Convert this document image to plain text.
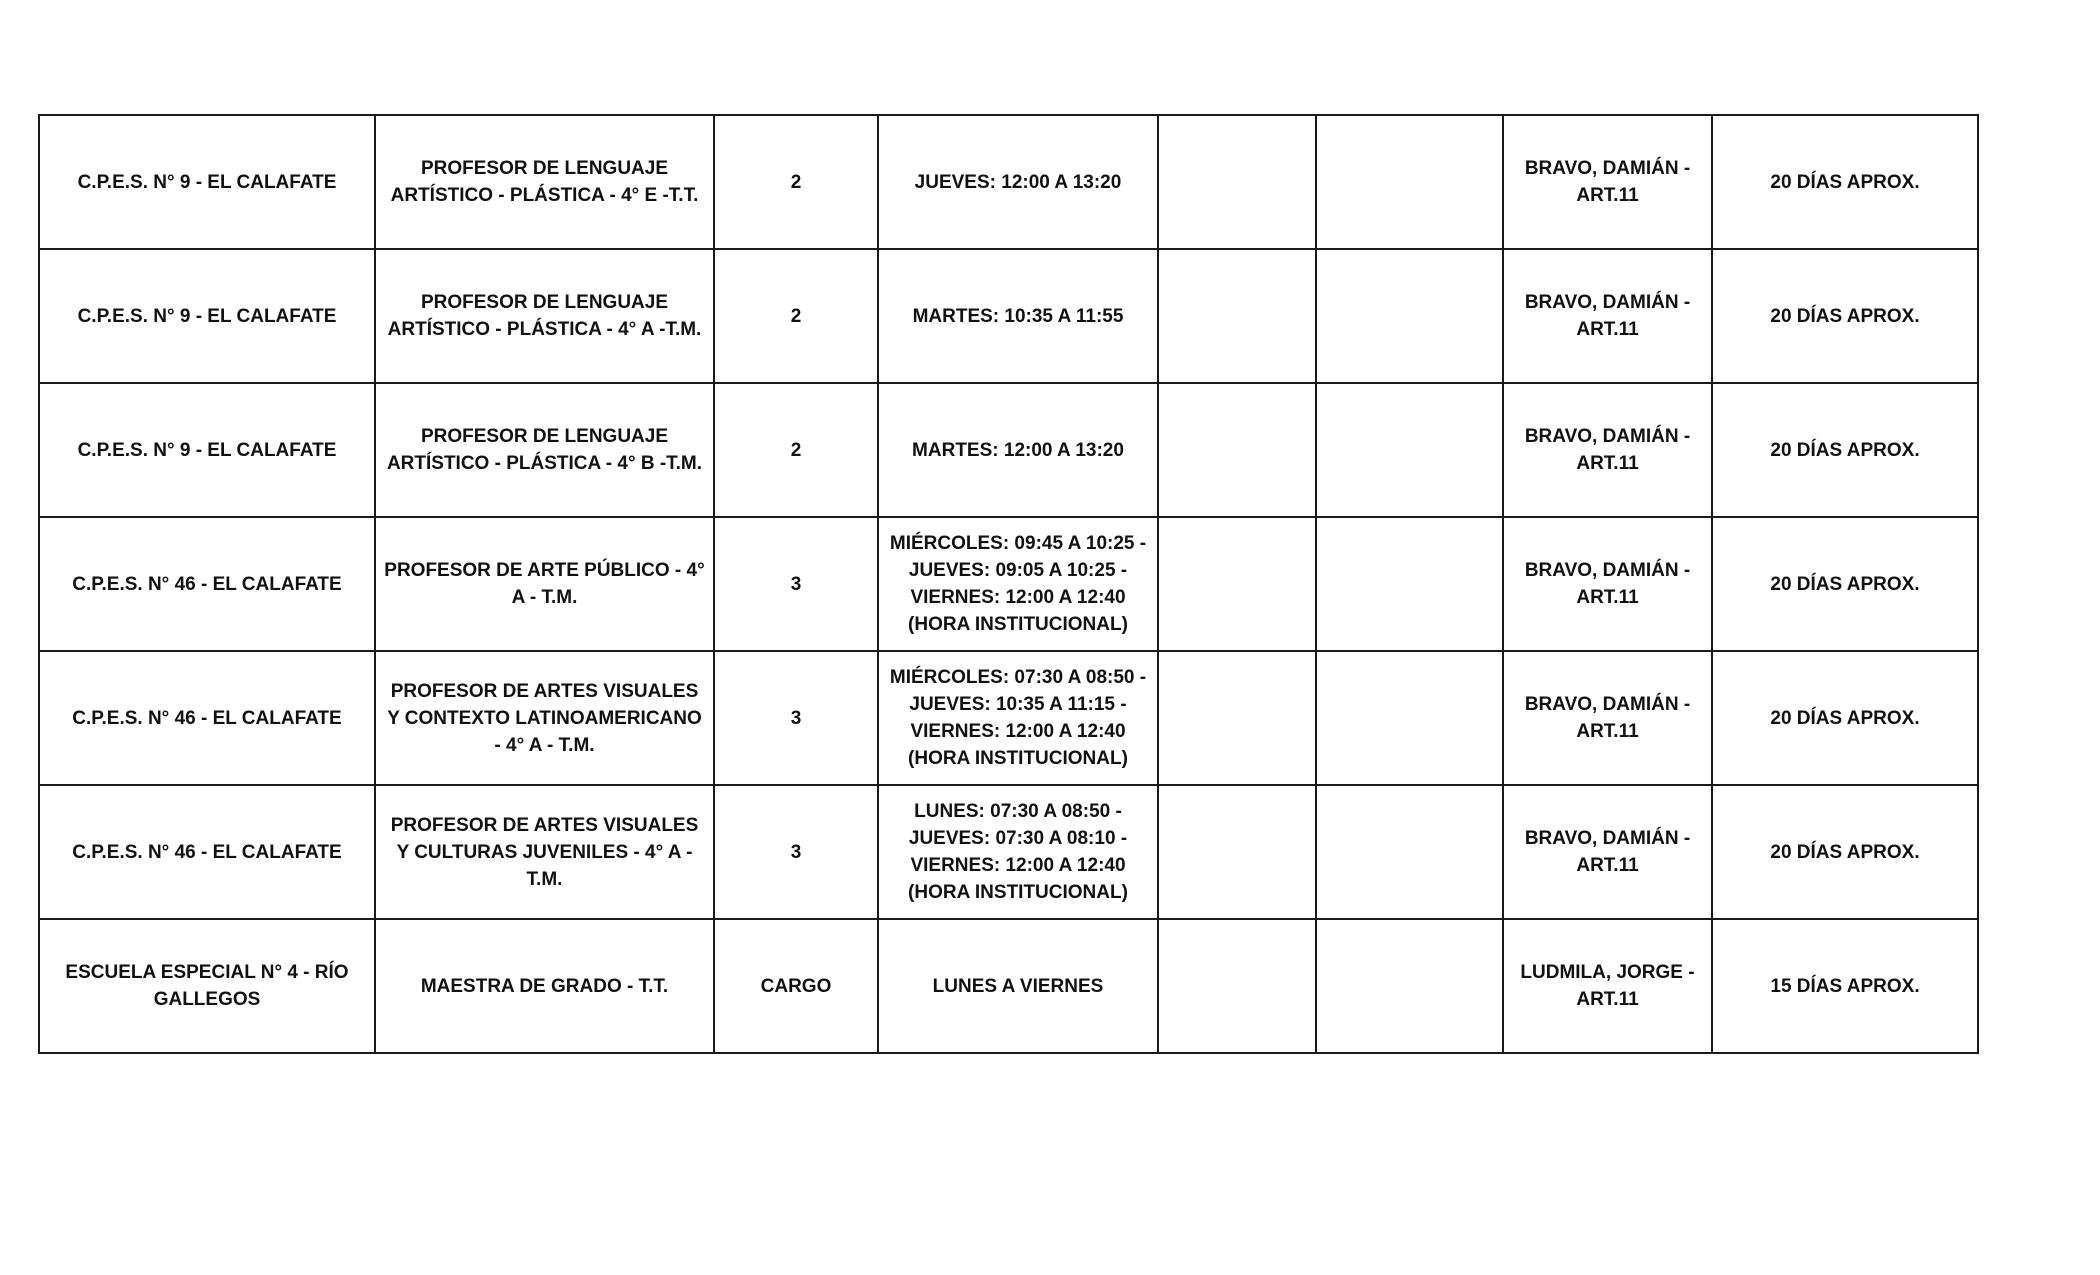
C.P.E.S. N° 9 - EL CALAFATE	PROFESOR DE LENGUAJE ARTÍSTICO - PLÁSTICA - 4° E -T.T.	2	JUEVES: 12:00 A 13:20			BRAVO, DAMIÁN - ART.11	20 DÍAS APROX.
C.P.E.S. N° 9 - EL CALAFATE	PROFESOR DE LENGUAJE ARTÍSTICO - PLÁSTICA - 4° A -T.M.	2	MARTES: 10:35 A 11:55			BRAVO, DAMIÁN - ART.11	20 DÍAS APROX.
C.P.E.S. N° 9 - EL CALAFATE	PROFESOR DE LENGUAJE ARTÍSTICO - PLÁSTICA - 4° B -T.M.	2	MARTES: 12:00 A 13:20			BRAVO, DAMIÁN - ART.11	20 DÍAS APROX.
C.P.E.S. N° 46 - EL CALAFATE	PROFESOR DE ARTE PÚBLICO - 4° A - T.M.	3	MIÉRCOLES: 09:45 A 10:25 - JUEVES: 09:05 A 10:25 - VIERNES: 12:00 A 12:40 (HORA INSTITUCIONAL)			BRAVO, DAMIÁN - ART.11	20 DÍAS APROX.
C.P.E.S. N° 46 - EL CALAFATE	PROFESOR DE ARTES VISUALES Y CONTEXTO LATINOAMERICANO - 4° A - T.M.	3	MIÉRCOLES: 07:30 A 08:50 - JUEVES: 10:35 A 11:15 - VIERNES: 12:00 A 12:40 (HORA INSTITUCIONAL)			BRAVO, DAMIÁN - ART.11	20 DÍAS APROX.
C.P.E.S. N° 46 - EL CALAFATE	PROFESOR DE ARTES VISUALES Y CULTURAS JUVENILES - 4° A - T.M.	3	LUNES: 07:30 A 08:50 - JUEVES: 07:30 A 08:10 - VIERNES: 12:00 A 12:40 (HORA INSTITUCIONAL)			BRAVO, DAMIÁN - ART.11	20 DÍAS APROX.
ESCUELA ESPECIAL N° 4 - RÍO GALLEGOS	MAESTRA DE GRADO - T.T.	CARGO	LUNES A VIERNES			LUDMILA, JORGE - ART.11	15 DÍAS APROX.
